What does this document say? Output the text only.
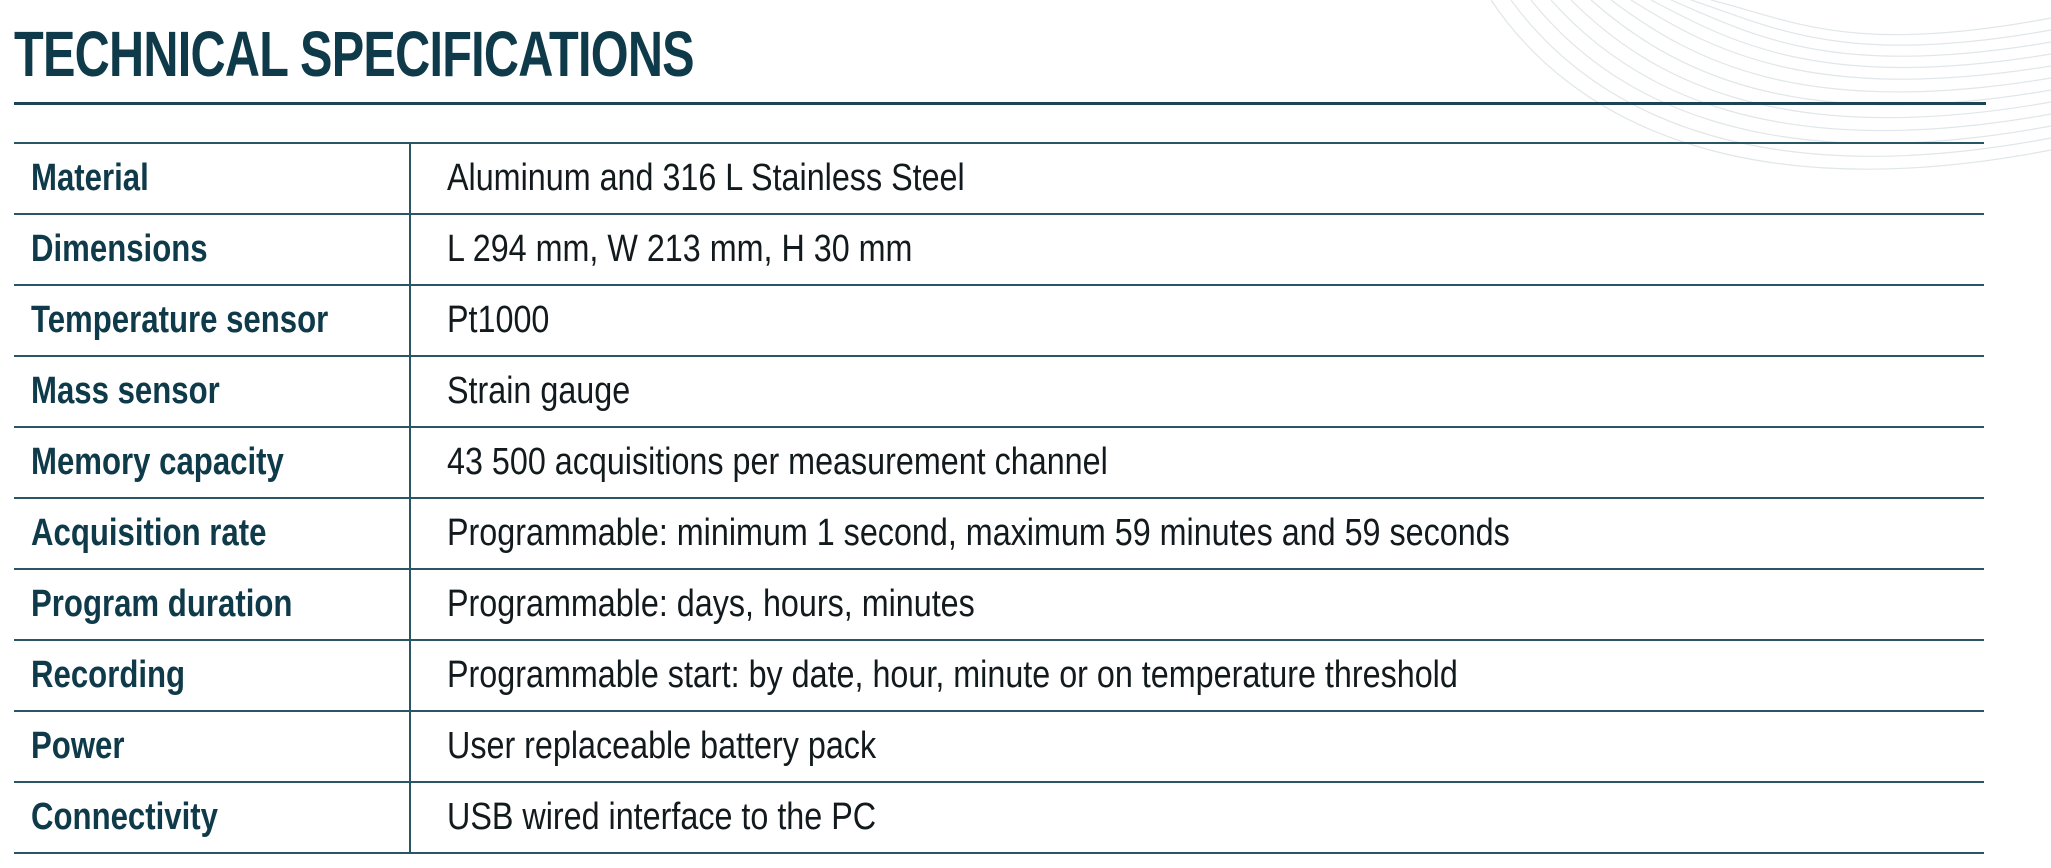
TECHNICAL SPECIFICATIONS
Material	Aluminum and 316 L Stainless Steel
Dimensions	L 294 mm, W 213 mm, H 30 mm
Temperature sensor	Pt1000
Mass sensor	Strain gauge
Memory capacity	43 500 acquisitions per measurement channel
Acquisition rate	Programmable: minimum 1 second, maximum 59 minutes and 59 seconds
Program duration	Programmable: days, hours, minutes
Recording	Programmable start: by date, hour, minute or on temperature threshold
Power	User replaceable battery pack
Connectivity	USB wired interface to the PC
